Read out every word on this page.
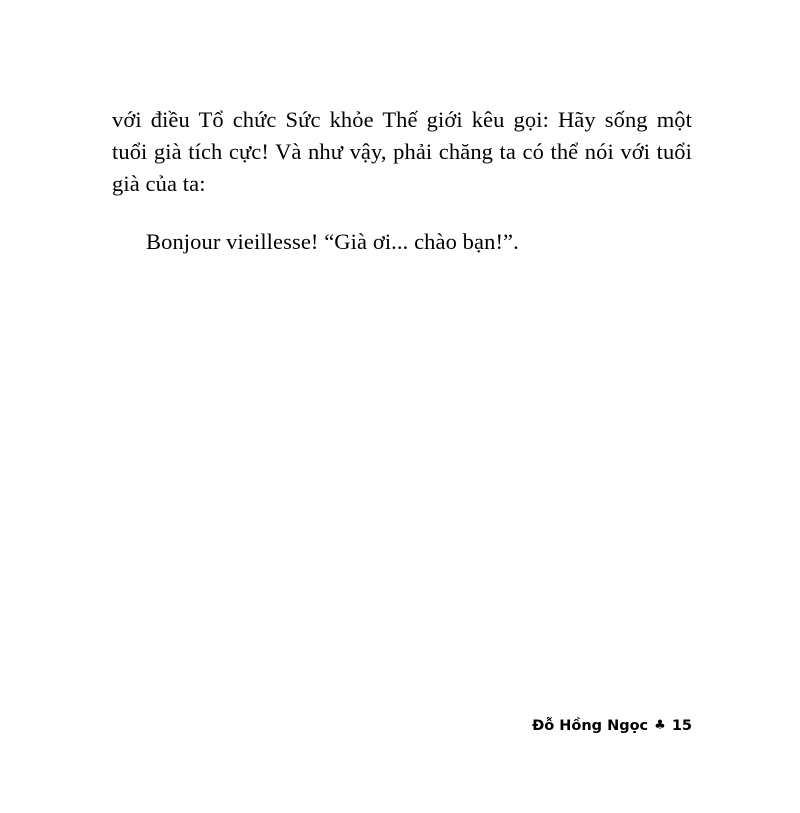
với điều Tổ chức Sức khỏe Thế giới kêu gọi: Hãy sống một tuổi già tích cực! Và như vậy, phải chăng ta có thể nói với tuổi già của ta:

Bonjour vieillesse! “Già ơi... chào bạn!”.

Đỗ Hồng Ngọc ♣ 15
